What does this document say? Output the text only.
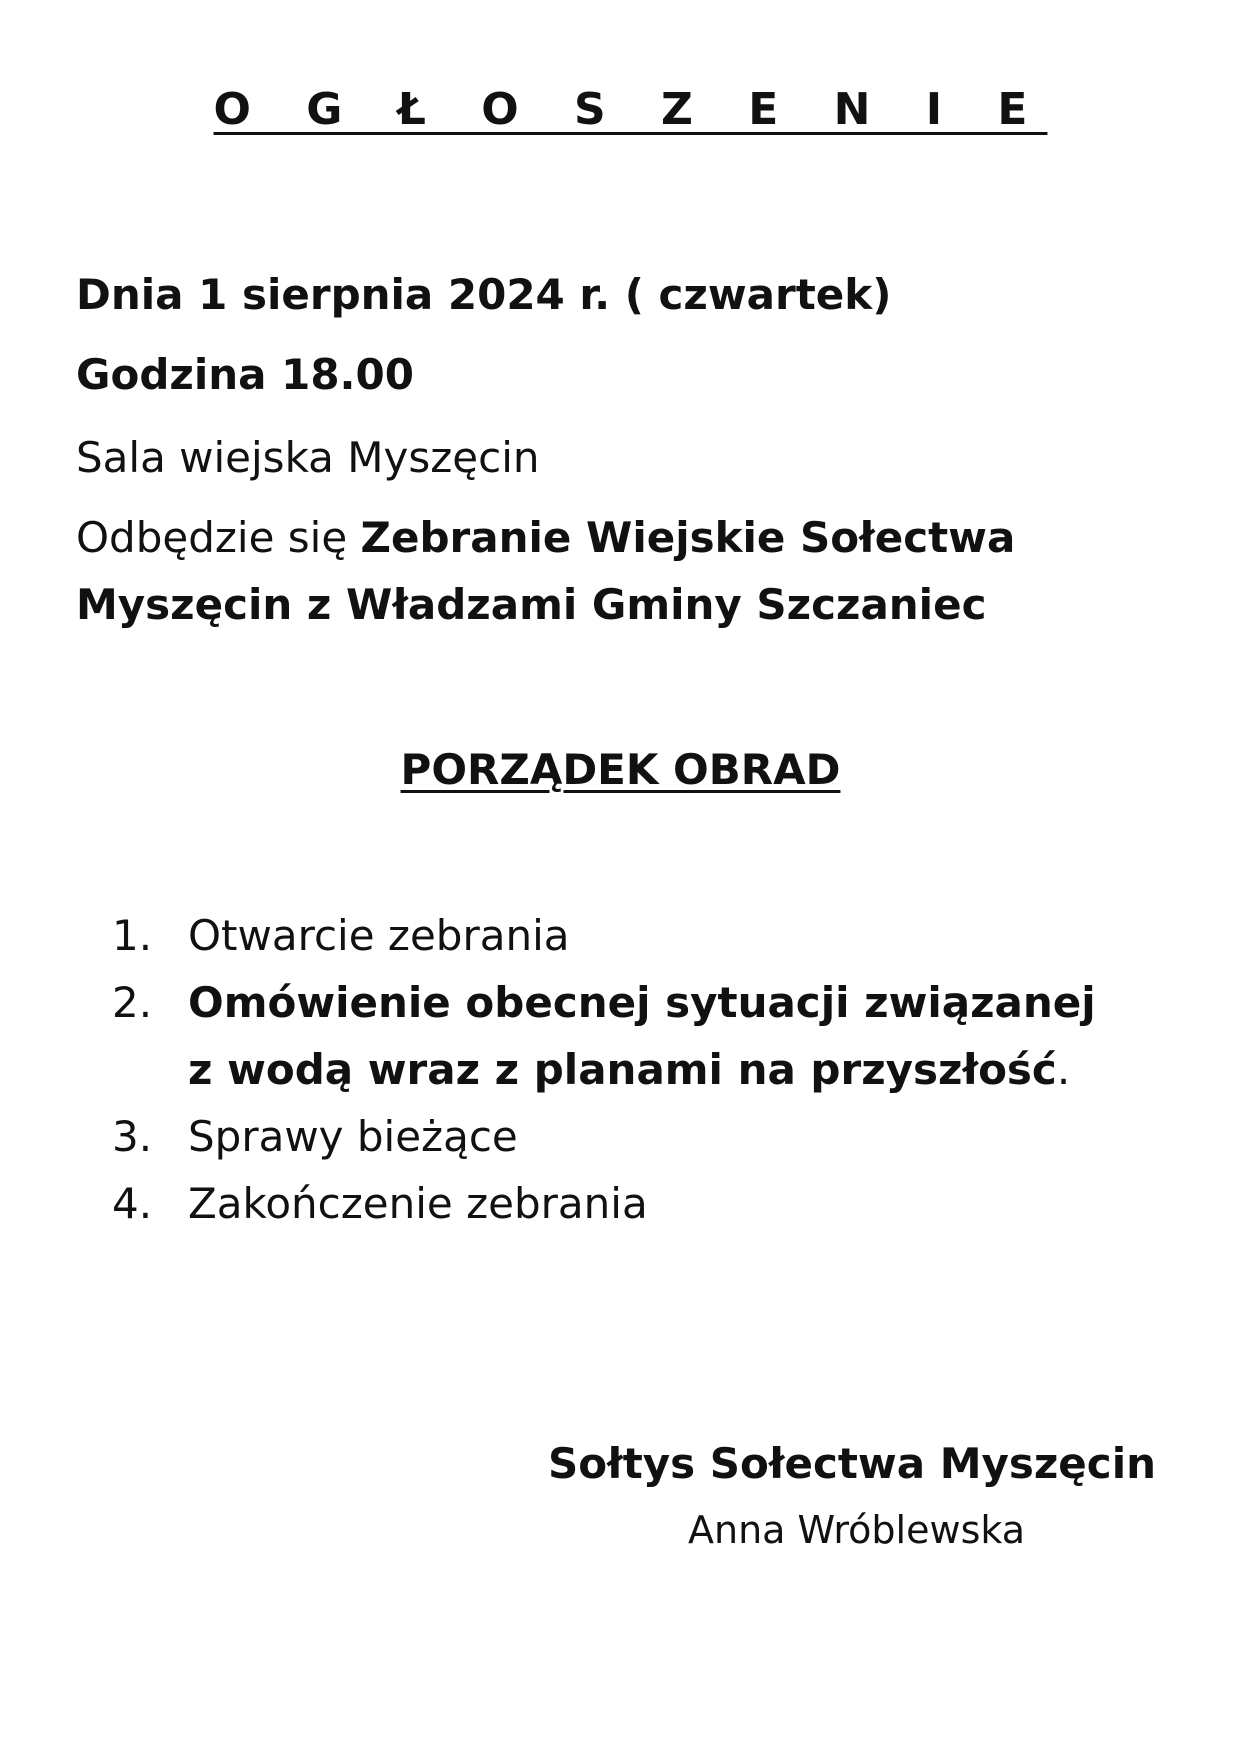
O G Ł O S Z E N I E

Dnia 1 sierpnia 2024 r. ( czwartek)

Godzina 18.00

Sala wiejska Myszęcin

Odbędzie się Zebranie Wiejskie Sołectwa

Myszęcin z Władzami Gminy Szczaniec

PORZĄDEK OBRAD
1. Otwarcie zebrania
2. Omówienie obecnej sytuacji związanej
z wodą wraz z planami na przyszłość.
3. Sprawy bieżące
4. Zakończenie zebrania

Sołtys Sołectwa Myszęcin

Anna Wróblewska
